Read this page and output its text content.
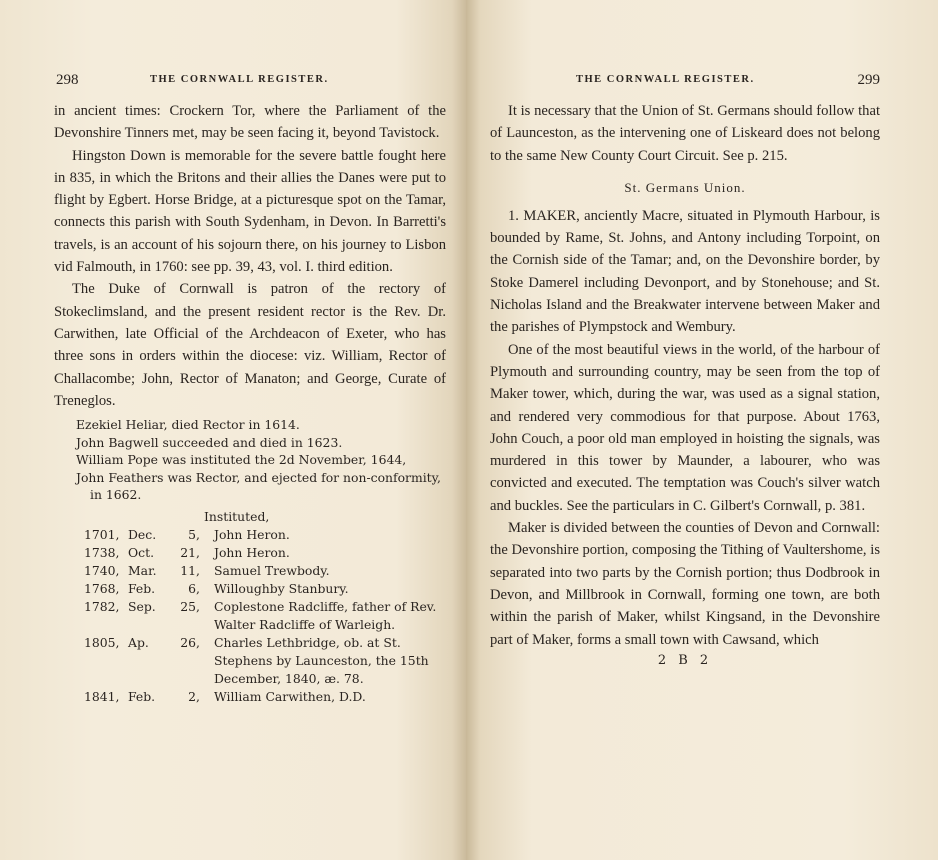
298	THE CORNWALL REGISTER.

in ancient times: Crockern Tor, where the Parliament of the Devonshire Tinners met, may be seen facing it, beyond Tavistock.

Hingston Down is memorable for the severe battle fought here in 835, in which the Britons and their allies the Danes were put to flight by Egbert. Horse Bridge, at a picturesque spot on the Tamar, connects this parish with South Sydenham, in Devon. In Barretti's travels, is an account of his sojourn there, on his journey to Lisbon vid Falmouth, in 1760: see pp. 39, 43, vol. I. third edition.

The Duke of Cornwall is patron of the rectory of Stokeclimsland, and the present resident rector is the Rev. Dr. Carwithen, late Official of the Archdeacon of Exeter, who has three sons in orders within the diocese: viz. William, Rector of Challacombe; John, Rector of Manaton; and George, Curate of Treneglos.

Ezekiel Heliar, died Rector in 1614.
John Bagwell succeeded and died in 1623.
William Pope was instituted the 2d November, 1644,
John Feathers was Rector, and ejected for non-conformity, in 1662.
Instituted,
1701, Dec.	5,	John Heron.
1738, Oct.	21,	John Heron.
1740, Mar.	11,	Samuel Trewbody.
1768, Feb.	6,	Willoughby Stanbury.
1782, Sep.	25,	Coplestone Radcliffe, father of Rev. Walter Radcliffe of Warleigh.
1805, Ap.	26,	Charles Lethbridge, ob. at St. Stephens by Launceston, the 15th December, 1840, æ. 78.
1841, Feb.	2,	William Carwithen, D.D.
THE CORNWALL REGISTER.	299

It is necessary that the Union of St. Germans should follow that of Launceston, as the intervening one of Liskeard does not belong to the same New County Court Circuit. See p. 215.

St. Germans Union.

1. MAKER, anciently Macre, situated in Plymouth Harbour, is bounded by Rame, St. Johns, and Antony including Torpoint, on the Cornish side of the Tamar; and, on the Devonshire border, by Stoke Damerel including Devonport, and by Stonehouse; and St. Nicholas Island and the Breakwater intervene between Maker and the parishes of Plympstock and Wembury.

One of the most beautiful views in the world, of the harbour of Plymouth and surrounding country, may be seen from the top of Maker tower, which, during the war, was used as a signal station, and rendered very commodious for that purpose. About 1763, John Couch, a poor old man employed in hoisting the signals, was murdered in this tower by Maunder, a labourer, who was convicted and executed. The temptation was Couch's silver watch and buckles. See the particulars in C. Gilbert's Cornwall, p. 381.

Maker is divided between the counties of Devon and Cornwall: the Devonshire portion, composing the Tithing of Vaultershome, is separated into two parts by the Cornish portion; thus Dodbrook in Devon, and Millbrook in Cornwall, forming one town, are both within the parish of Maker, whilst Kingsand, in the Devonshire part of Maker, forms a small town with Cawsand, which

2 B 2
